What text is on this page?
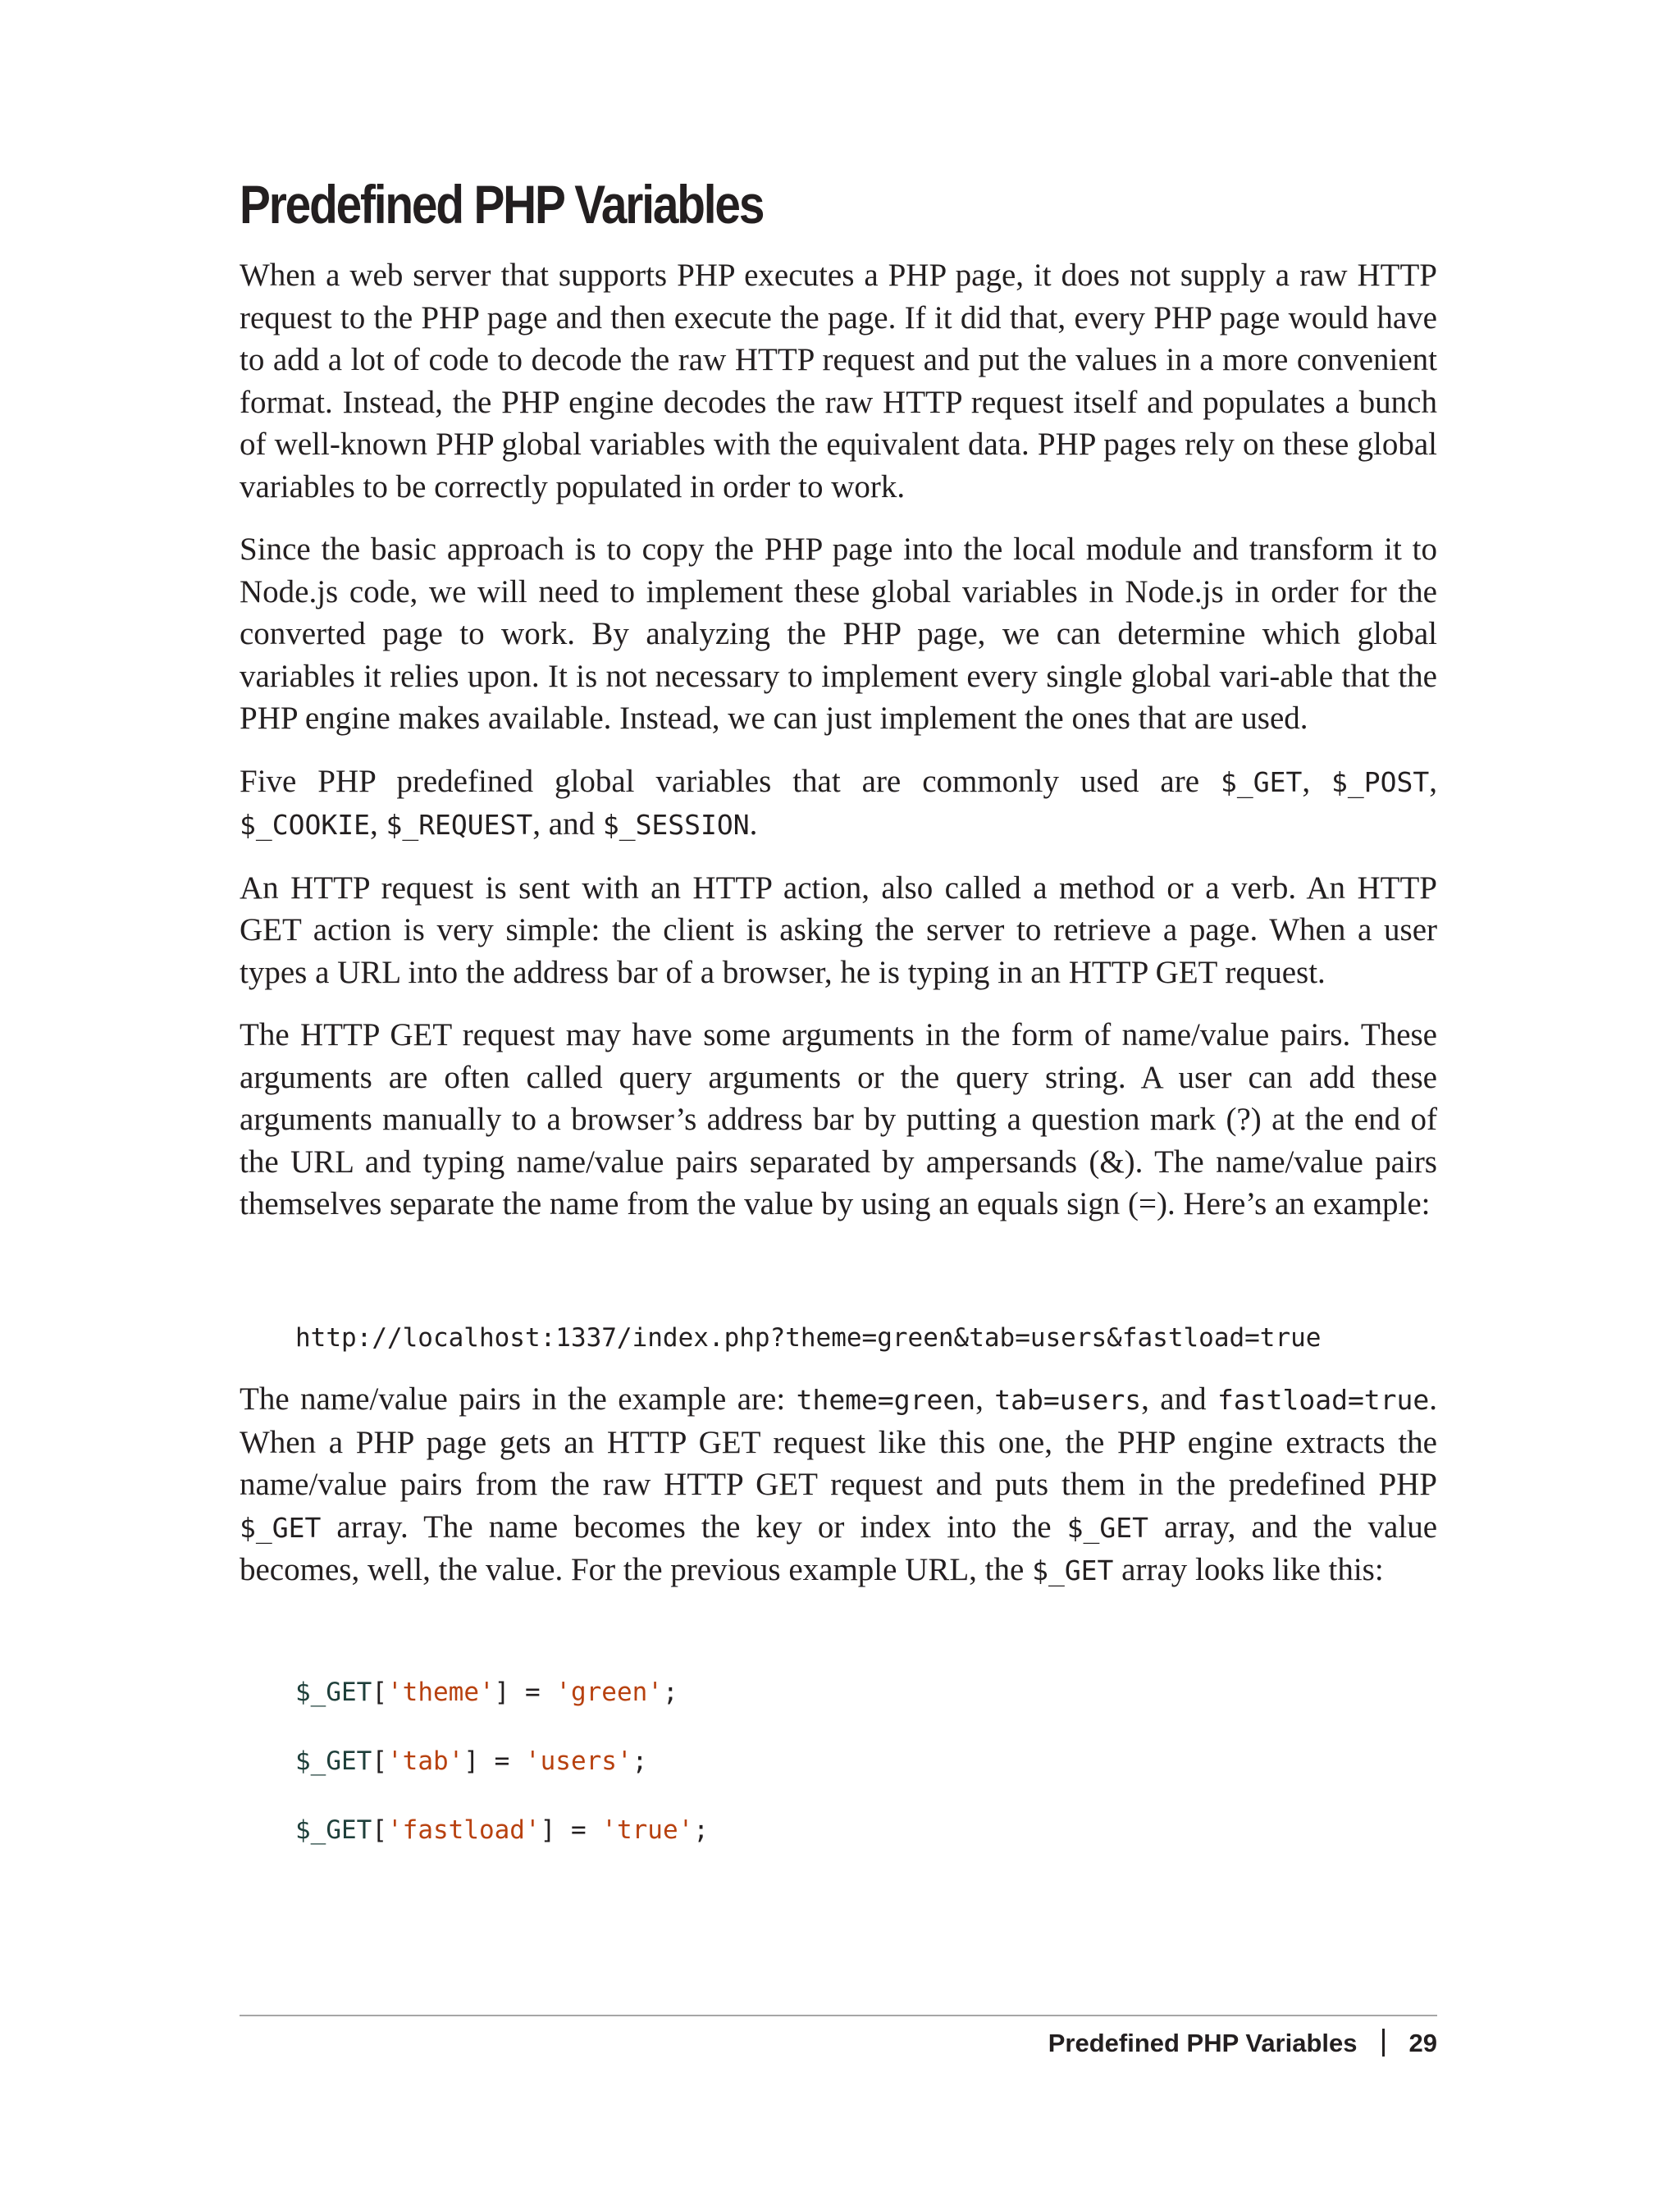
Predefined PHP Variables

When a web server that supports PHP executes a PHP page, it does not supply a raw HTTP request to the PHP page and then execute the page. If it did that, every PHP page would have to add a lot of code to decode the raw HTTP request and put the values in a more convenient format. Instead, the PHP engine decodes the raw HTTP request itself and populates a bunch of well-known PHP global variables with the equivalent data. PHP pages rely on these global variables to be correctly populated in order to work.

Since the basic approach is to copy the PHP page into the local module and transform it to Node.js code, we will need to implement these global variables in Node.js in order for the converted page to work. By analyzing the PHP page, we can determine which global variables it relies upon. It is not necessary to implement every single global vari-able that the PHP engine makes available. Instead, we can just implement the ones that are used.

Five PHP predefined global variables that are commonly used are $_GET, $_POST, $_COOKIE, $_REQUEST, and $_SESSION.

An HTTP request is sent with an HTTP action, also called a method or a verb. An HTTP GET action is very simple: the client is asking the server to retrieve a page. When a user types a URL into the address bar of a browser, he is typing in an HTTP GET request.

The HTTP GET request may have some arguments in the form of name/value pairs. These arguments are often called query arguments or the query string. A user can add these arguments manually to a browser’s address bar by putting a question mark (?) at the end of the URL and typing name/value pairs separated by ampersands (&). The name/value pairs themselves separate the name from the value by using an equals sign (=). Here’s an example:

http://localhost:1337/index.php?theme=green&tab=users&fastload=true

The name/value pairs in the example are: theme=green, tab=users, and fastload=true. When a PHP page gets an HTTP GET request like this one, the PHP engine extracts the name/value pairs from the raw HTTP GET request and puts them in the predefined PHP $_GET array. The name becomes the key or index into the $_GET array, and the value becomes, well, the value. For the previous example URL, the $_GET array looks like this:

$_GET['theme'] = 'green';

$_GET['tab'] = 'users';

$_GET['fastload'] = 'true';

Predefined PHP Variables 29
